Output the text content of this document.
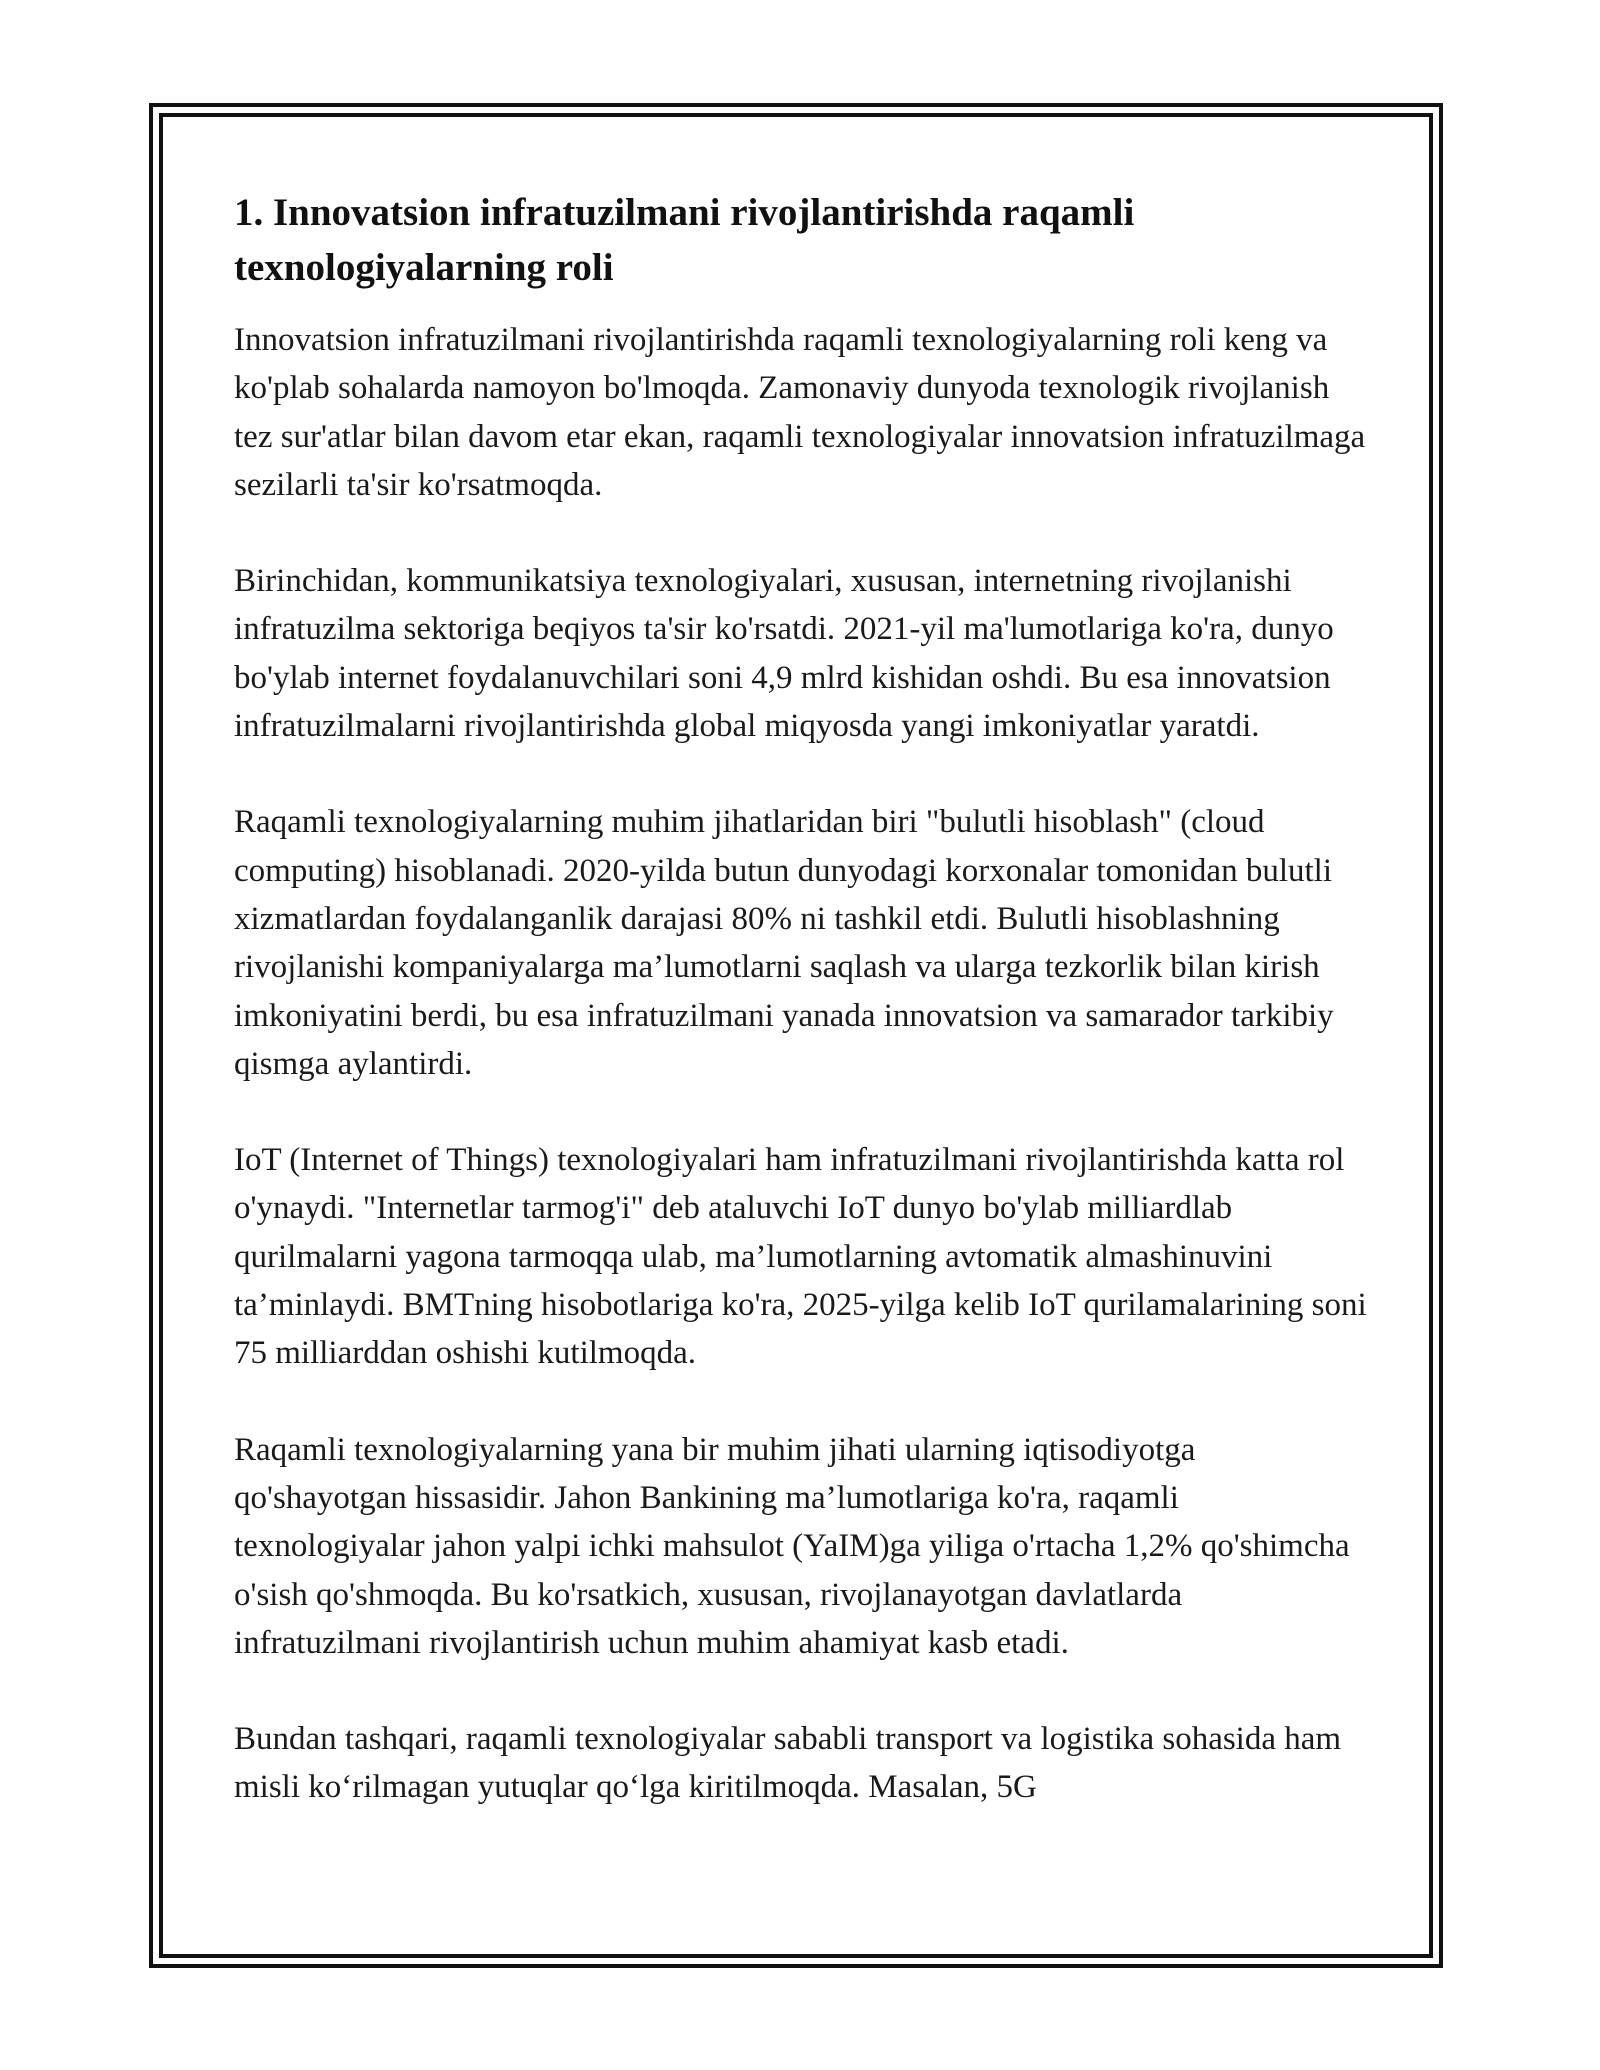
1. Innovatsion infratuzilmani rivojlantirishda raqamli texnologiyalarning roli

Innovatsion infratuzilmani rivojlantirishda raqamli texnologiyalarning roli keng va ko'plab sohalarda namoyon bo'lmoqda. Zamonaviy dunyoda texnologik rivojlanish tez sur'atlar bilan davom etar ekan, raqamli texnologiyalar innovatsion infratuzilmaga sezilarli ta'sir ko'rsatmoqda.

Birinchidan, kommunikatsiya texnologiyalari, xususan, internetning rivojlanishi infratuzilma sektoriga beqiyos ta'sir ko'rsatdi. 2021-yil ma'lumotlariga ko'ra, dunyo bo'ylab internet foydalanuvchilari soni 4,9 mlrd kishidan oshdi. Bu esa innovatsion infratuzilmalarni rivojlantirishda global miqyosda yangi imkoniyatlar yaratdi.

Raqamli texnologiyalarning muhim jihatlaridan biri "bulutli hisoblash" (cloud computing) hisoblanadi. 2020-yilda butun dunyodagi korxonalar tomonidan bulutli xizmatlardan foydalanganlik darajasi 80% ni tashkil etdi. Bulutli hisoblashning rivojlanishi kompaniyalarga ma’lumotlarni saqlash va ularga tezkorlik bilan kirish imkoniyatini berdi, bu esa infratuzilmani yanada innovatsion va samarador tarkibiy qismga aylantirdi.

IoT (Internet of Things) texnologiyalari ham infratuzilmani rivojlantirishda katta rol o'ynaydi. "Internetlar tarmog'i" deb ataluvchi IoT dunyo bo'ylab milliardlab qurilmalarni yagona tarmoqqa ulab, ma’lumotlarning avtomatik almashinuvini ta’minlaydi. BMTning hisobotlariga ko'ra, 2025-yilga kelib IoT qurilamalarining soni 75 milliarddan oshishi kutilmoqda.

Raqamli texnologiyalarning yana bir muhim jihati ularning iqtisodiyotga qo'shayotgan hissasidir. Jahon Bankining ma’lumotlariga ko'ra, raqamli texnologiyalar jahon yalpi ichki mahsulot (YaIM)ga yiliga o'rtacha 1,2% qo'shimcha o'sish qo'shmoqda. Bu ko'rsatkich, xususan, rivojlanayotgan davlatlarda infratuzilmani rivojlantirish uchun muhim ahamiyat kasb etadi.

Bundan tashqari, raqamli texnologiyalar sababli transport va logistika sohasida ham misli ko‘rilmagan yutuqlar qo‘lga kiritilmoqda. Masalan, 5G
